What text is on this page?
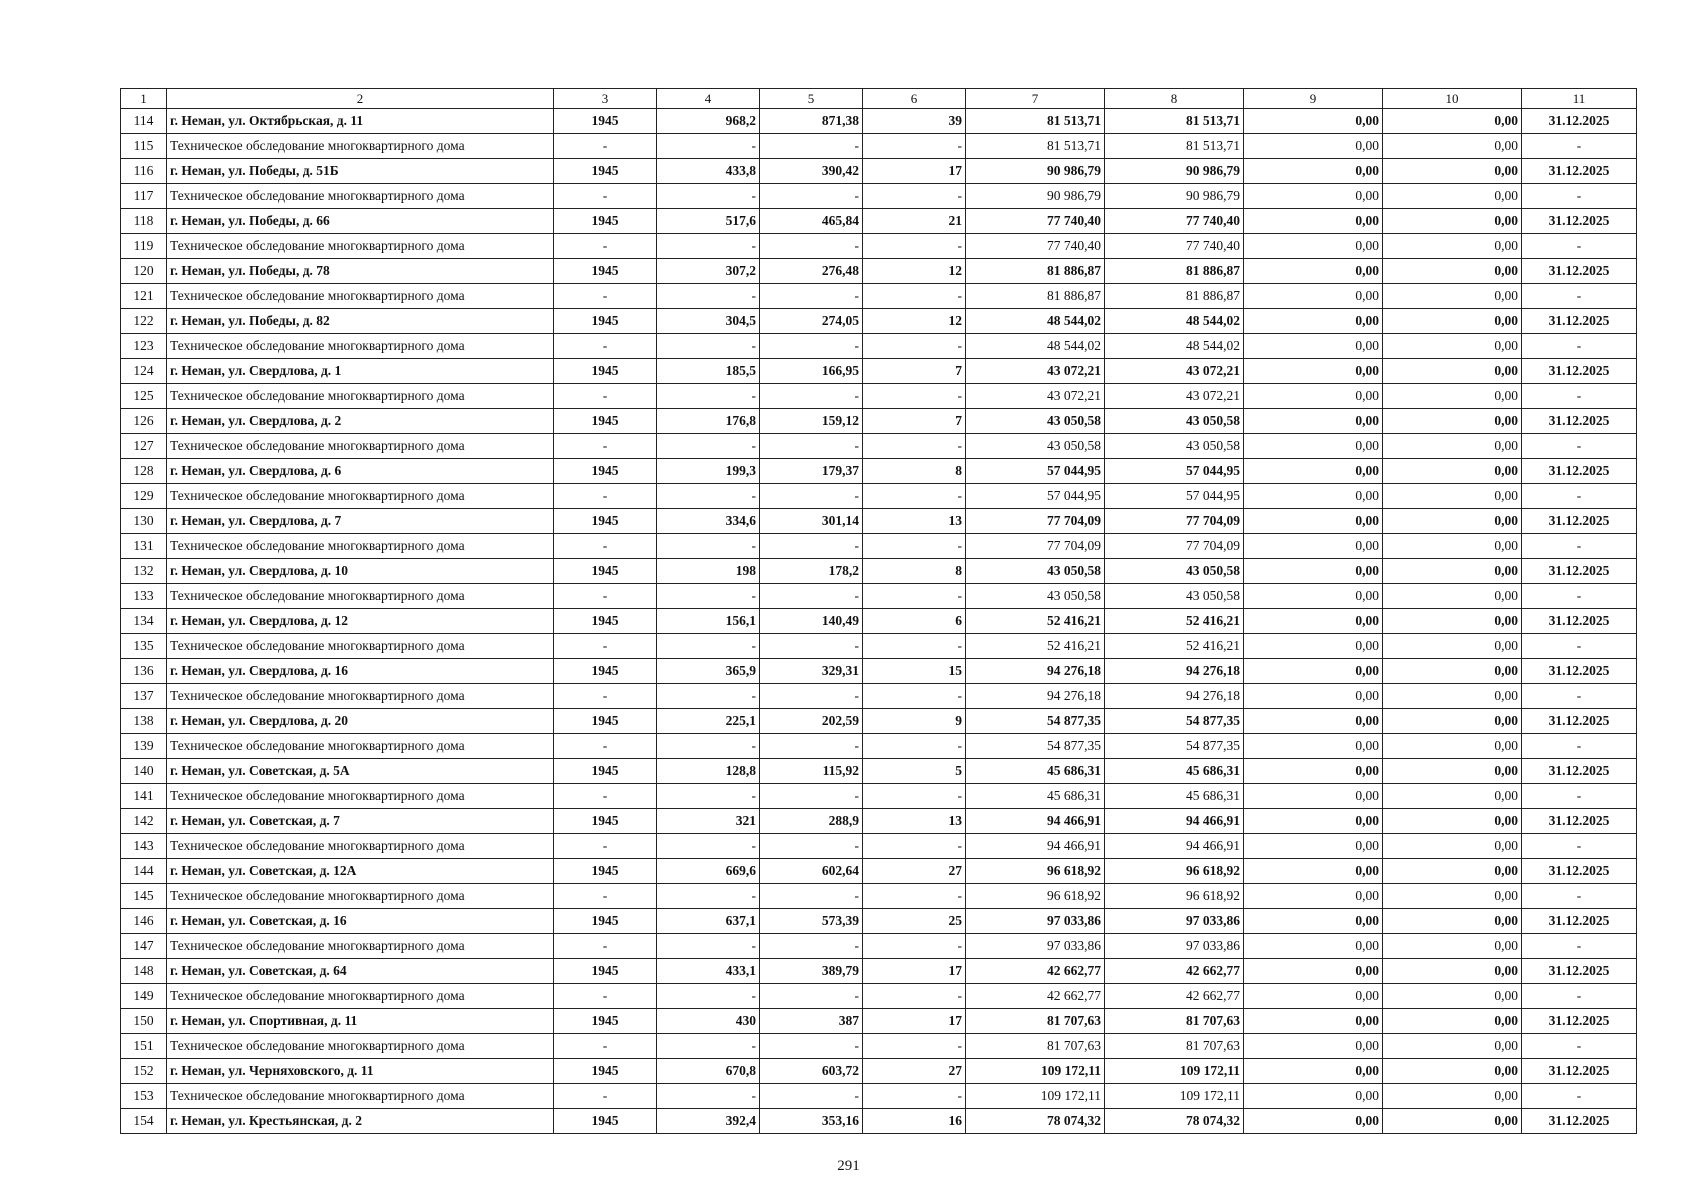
1	2	3	4	5	6	7	8	9	10	11
114	г. Неман, ул. Октябрьская, д. 11	1945	968,2	871,38	39	81 513,71	81 513,71	0,00	0,00	31.12.2025
115	Техническое обследование многоквартирного дома	-	-	-	-	81 513,71	81 513,71	0,00	0,00	-
116	г. Неман, ул. Победы, д. 51Б	1945	433,8	390,42	17	90 986,79	90 986,79	0,00	0,00	31.12.2025
117	Техническое обследование многоквартирного дома	-	-	-	-	90 986,79	90 986,79	0,00	0,00	-
118	г. Неман, ул. Победы, д. 66	1945	517,6	465,84	21	77 740,40	77 740,40	0,00	0,00	31.12.2025
119	Техническое обследование многоквартирного дома	-	-	-	-	77 740,40	77 740,40	0,00	0,00	-
120	г. Неман, ул. Победы, д. 78	1945	307,2	276,48	12	81 886,87	81 886,87	0,00	0,00	31.12.2025
121	Техническое обследование многоквартирного дома	-	-	-	-	81 886,87	81 886,87	0,00	0,00	-
122	г. Неман, ул. Победы, д. 82	1945	304,5	274,05	12	48 544,02	48 544,02	0,00	0,00	31.12.2025
123	Техническое обследование многоквартирного дома	-	-	-	-	48 544,02	48 544,02	0,00	0,00	-
124	г. Неман, ул. Свердлова, д. 1	1945	185,5	166,95	7	43 072,21	43 072,21	0,00	0,00	31.12.2025
125	Техническое обследование многоквартирного дома	-	-	-	-	43 072,21	43 072,21	0,00	0,00	-
126	г. Неман, ул. Свердлова, д. 2	1945	176,8	159,12	7	43 050,58	43 050,58	0,00	0,00	31.12.2025
127	Техническое обследование многоквартирного дома	-	-	-	-	43 050,58	43 050,58	0,00	0,00	-
128	г. Неман, ул. Свердлова, д. 6	1945	199,3	179,37	8	57 044,95	57 044,95	0,00	0,00	31.12.2025
129	Техническое обследование многоквартирного дома	-	-	-	-	57 044,95	57 044,95	0,00	0,00	-
130	г. Неман, ул. Свердлова, д. 7	1945	334,6	301,14	13	77 704,09	77 704,09	0,00	0,00	31.12.2025
131	Техническое обследование многоквартирного дома	-	-	-	-	77 704,09	77 704,09	0,00	0,00	-
132	г. Неман, ул. Свердлова, д. 10	1945	198	178,2	8	43 050,58	43 050,58	0,00	0,00	31.12.2025
133	Техническое обследование многоквартирного дома	-	-	-	-	43 050,58	43 050,58	0,00	0,00	-
134	г. Неман, ул. Свердлова, д. 12	1945	156,1	140,49	6	52 416,21	52 416,21	0,00	0,00	31.12.2025
135	Техническое обследование многоквартирного дома	-	-	-	-	52 416,21	52 416,21	0,00	0,00	-
136	г. Неман, ул. Свердлова, д. 16	1945	365,9	329,31	15	94 276,18	94 276,18	0,00	0,00	31.12.2025
137	Техническое обследование многоквартирного дома	-	-	-	-	94 276,18	94 276,18	0,00	0,00	-
138	г. Неман, ул. Свердлова, д. 20	1945	225,1	202,59	9	54 877,35	54 877,35	0,00	0,00	31.12.2025
139	Техническое обследование многоквартирного дома	-	-	-	-	54 877,35	54 877,35	0,00	0,00	-
140	г. Неман, ул. Советская, д. 5А	1945	128,8	115,92	5	45 686,31	45 686,31	0,00	0,00	31.12.2025
141	Техническое обследование многоквартирного дома	-	-	-	-	45 686,31	45 686,31	0,00	0,00	-
142	г. Неман, ул. Советская, д. 7	1945	321	288,9	13	94 466,91	94 466,91	0,00	0,00	31.12.2025
143	Техническое обследование многоквартирного дома	-	-	-	-	94 466,91	94 466,91	0,00	0,00	-
144	г. Неман, ул. Советская, д. 12А	1945	669,6	602,64	27	96 618,92	96 618,92	0,00	0,00	31.12.2025
145	Техническое обследование многоквартирного дома	-	-	-	-	96 618,92	96 618,92	0,00	0,00	-
146	г. Неман, ул. Советская, д. 16	1945	637,1	573,39	25	97 033,86	97 033,86	0,00	0,00	31.12.2025
147	Техническое обследование многоквартирного дома	-	-	-	-	97 033,86	97 033,86	0,00	0,00	-
148	г. Неман, ул. Советская, д. 64	1945	433,1	389,79	17	42 662,77	42 662,77	0,00	0,00	31.12.2025
149	Техническое обследование многоквартирного дома	-	-	-	-	42 662,77	42 662,77	0,00	0,00	-
150	г. Неман, ул. Спортивная, д. 11	1945	430	387	17	81 707,63	81 707,63	0,00	0,00	31.12.2025
151	Техническое обследование многоквартирного дома	-	-	-	-	81 707,63	81 707,63	0,00	0,00	-
152	г. Неман, ул. Черняховского, д. 11	1945	670,8	603,72	27	109 172,11	109 172,11	0,00	0,00	31.12.2025
153	Техническое обследование многоквартирного дома	-	-	-	-	109 172,11	109 172,11	0,00	0,00	-
154	г. Неман, ул. Крестьянская, д. 2	1945	392,4	353,16	16	78 074,32	78 074,32	0,00	0,00	31.12.2025
291
